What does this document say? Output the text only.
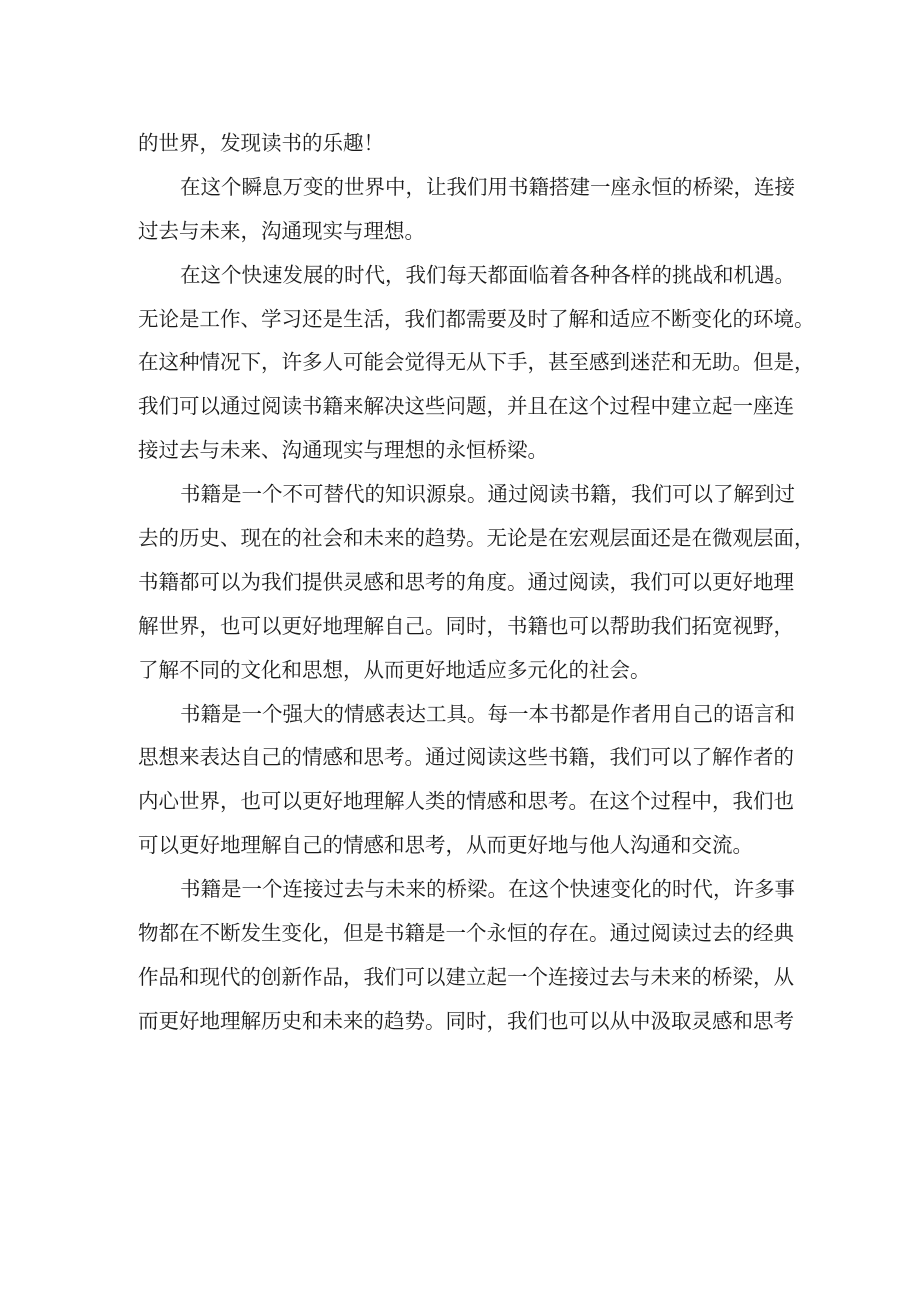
的世界，发现读书的乐趣！
在这个瞬息万变的世界中，让我们用书籍搭建一座永恒的桥梁，连接
过去与未来，沟通现实与理想。
在这个快速发展的时代，我们每天都面临着各种各样的挑战和机遇。
无论是工作、学习还是生活，我们都需要及时了解和适应不断变化的环境。
在这种情况下，许多人可能会觉得无从下手，甚至感到迷茫和无助。但是，
我们可以通过阅读书籍来解决这些问题，并且在这个过程中建立起一座连
接过去与未来、沟通现实与理想的永恒桥梁。
书籍是一个不可替代的知识源泉。通过阅读书籍，我们可以了解到过
去的历史、现在的社会和未来的趋势。无论是在宏观层面还是在微观层面，
书籍都可以为我们提供灵感和思考的角度。通过阅读，我们可以更好地理
解世界，也可以更好地理解自己。同时，书籍也可以帮助我们拓宽视野，
了解不同的文化和思想，从而更好地适应多元化的社会。
书籍是一个强大的情感表达工具。每一本书都是作者用自己的语言和
思想来表达自己的情感和思考。通过阅读这些书籍，我们可以了解作者的
内心世界，也可以更好地理解人类的情感和思考。在这个过程中，我们也
可以更好地理解自己的情感和思考，从而更好地与他人沟通和交流。
书籍是一个连接过去与未来的桥梁。在这个快速变化的时代，许多事
物都在不断发生变化，但是书籍是一个永恒的存在。通过阅读过去的经典
作品和现代的创新作品，我们可以建立起一个连接过去与未来的桥梁，从
而更好地理解历史和未来的趋势。同时，我们也可以从中汲取灵感和思考
